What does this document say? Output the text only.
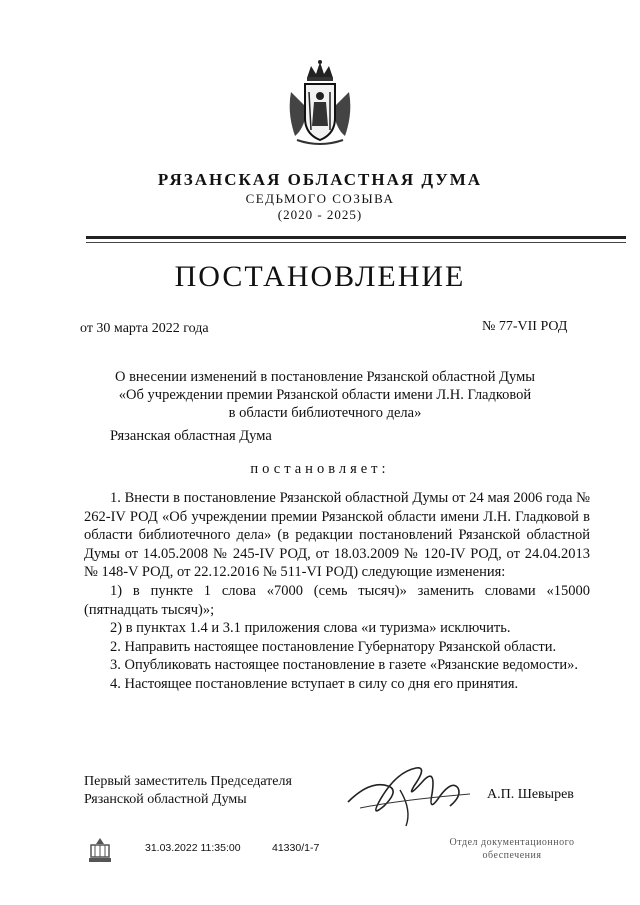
РЯЗАНСКАЯ ОБЛАСТНАЯ ДУМА
СЕДЬМОГО СОЗЫВА
(2020 - 2025)
ПОСТАНОВЛЕНИЕ
от 30 марта 2022 года	№ 77-VII РОД
О внесении изменений в постановление Рязанской областной Думы
«Об учреждении премии Рязанской области имени Л.Н. Гладковой
в области библиотечного дела»
Рязанская областная Дума
постановляет:

1. Внести в постановление Рязанской областной Думы от 24 мая 2006 года № 262-IV РОД «Об учреждении премии Рязанской области имени Л.Н. Гладковой в области библиотечного дела» (в редакции постановлений Рязанской областной Думы от 14.05.2008 № 245-IV РОД, от 18.03.2009 № 120-IV РОД, от 24.04.2013 № 148-V РОД, от 22.12.2016 № 511-VI РОД) следующие изменения:

1) в пункте 1 слова «7000 (семь тысяч)» заменить словами «15000 (пятнадцать тысяч)»;

2) в пунктах 1.4 и 3.1 приложения слова «и туризма» исключить.

2. Направить настоящее постановление Губернатору Рязанской области.

3. Опубликовать настоящее постановление в газете «Рязанские ведомости».

4. Настоящее постановление вступает в силу со дня его принятия.

Первый заместитель Председателя
Рязанской областной Думы	А.П. Шевырев
31.03.2022 11:35:00	41330/1-7	Отдел документационного
обеспечения
